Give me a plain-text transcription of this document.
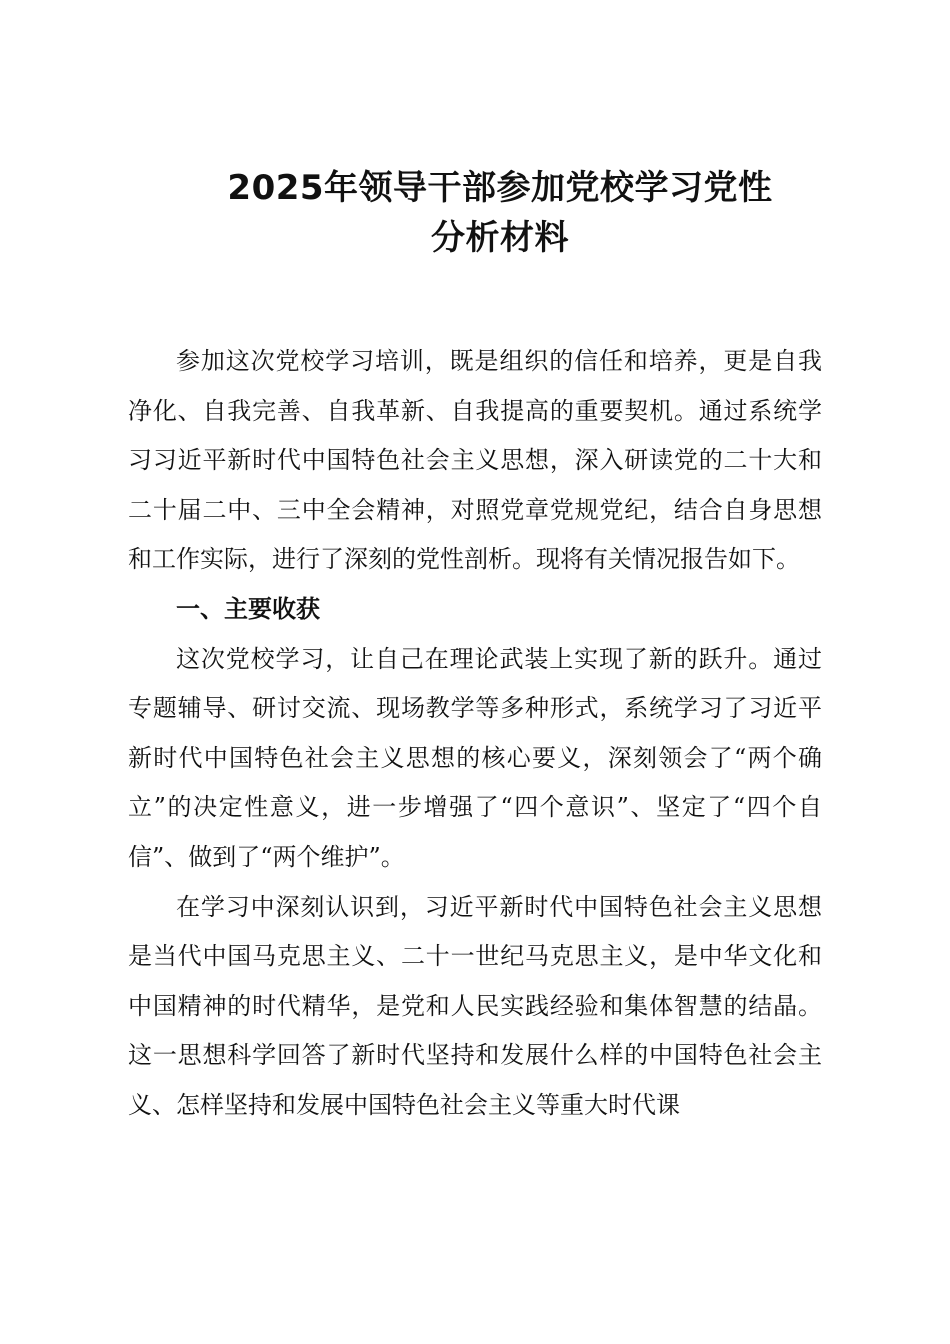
2025年领导干部参加党校学习党性
分析材料

参加这次党校学习培训，既是组织的信任和培养，更是自我净化、自我完善、自我革新、自我提高的重要契机。通过系统学习习近平新时代中国特色社会主义思想，深入研读党的二十大和二十届二中、三中全会精神，对照党章党规党纪，结合自身思想和工作实际，进行了深刻的党性剖析。现将有关情况报告如下。

一、主要收获

这次党校学习，让自己在理论武装上实现了新的跃升。通过专题辅导、研讨交流、现场教学等多种形式，系统学习了习近平新时代中国特色社会主义思想的核心要义，深刻领会了“两个确立”的决定性意义，进一步增强了“四个意识”、坚定了“四个自信”、做到了“两个维护”。

在学习中深刻认识到，习近平新时代中国特色社会主义思想是当代中国马克思主义、二十一世纪马克思主义，是中华文化和中国精神的时代精华，是党和人民实践经验和集体智慧的结晶。这一思想科学回答了新时代坚持和发展什么样的中国特色社会主义、怎样坚持和发展中国特色社会主义等重大时代课
